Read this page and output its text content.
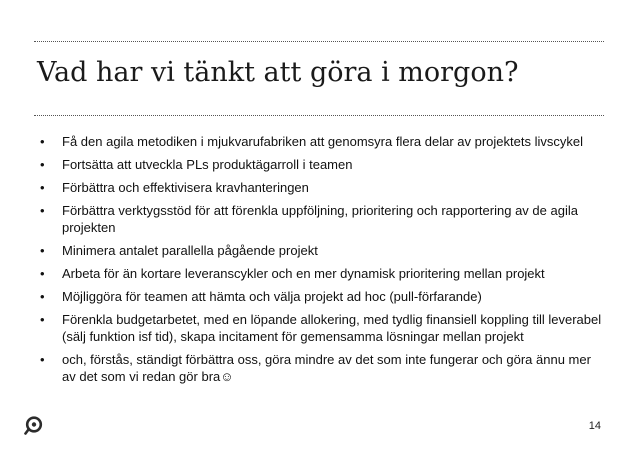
Vad har vi tänkt att göra i morgon?
• Få den agila metodiken i mjukvarufabriken att genomsyra flera delar av projektets livscykel
• Fortsätta att utveckla PLs produktägarroll i teamen
• Förbättra och effektivisera kravhanteringen
• Förbättra verktygsstöd för att förenkla uppföljning, prioritering och rapportering av de agila projekten
• Minimera antalet parallella pågående projekt
• Arbeta för än kortare leveranscykler och en mer dynamisk prioritering mellan projekt
• Möjliggöra för teamen att hämta och välja projekt ad hoc (pull-förfarande)
• Förenkla budgetarbetet, med en löpande allokering, med tydlig finansiell koppling till leverabel (sälj funktion isf tid), skapa incitament för gemensamma lösningar mellan projekt
• och, förstås, ständigt förbättra oss, göra mindre av det som inte fungerar och göra ännu mer av det som vi redan gör bra☺
14
